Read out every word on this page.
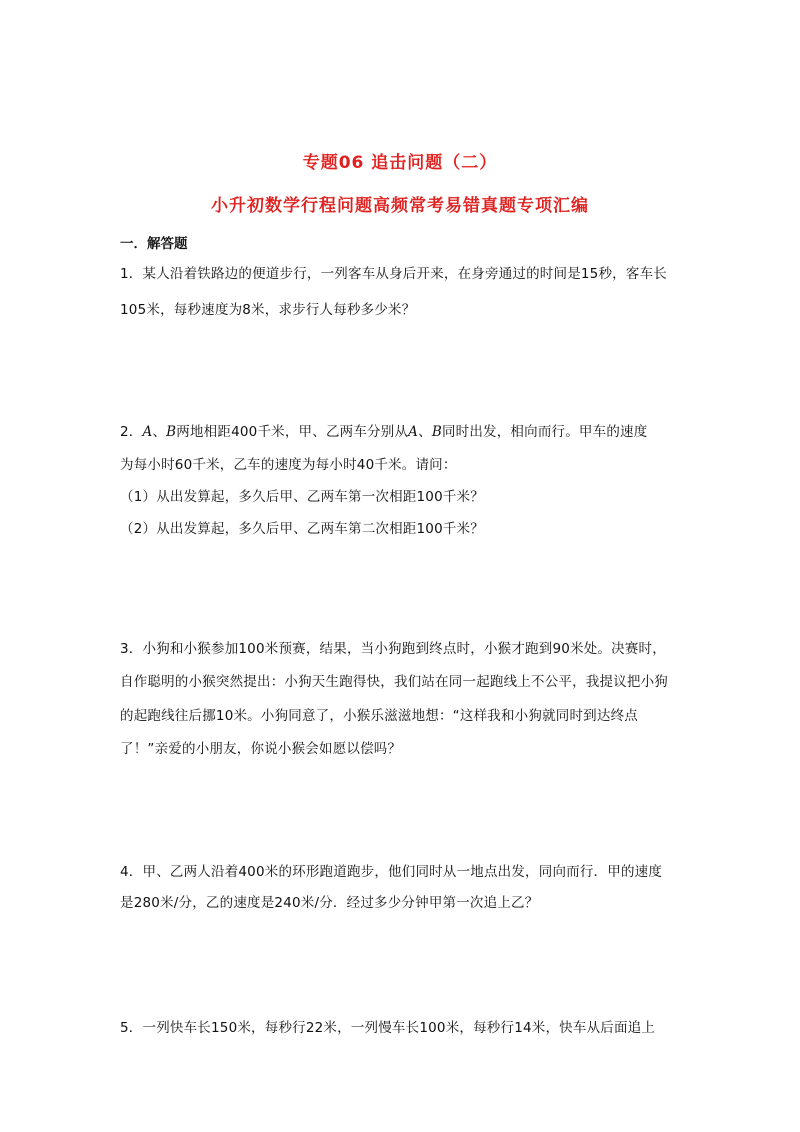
专题06 追击问题（二）
小升初数学行程问题高频常考易错真题专项汇编
一．解答题
1．某人沿着铁路边的便道步行，一列客车从身后开来，在身旁通过的时间是15秒，客车长
105米，每秒速度为8米，求步行人每秒多少米？
2．A、B两地相距400千米，甲、乙两车分别从A、B同时出发，相向而行。甲车的速度
为每小时60千米，乙车的速度为每小时40千米。请问：
（1）从出发算起，多久后甲、乙两车第一次相距100千米？
（2）从出发算起，多久后甲、乙两车第二次相距100千米？
3．小狗和小猴参加100米预赛，结果，当小狗跑到终点时，小猴才跑到90米处。决赛时，
自作聪明的小猴突然提出：小狗天生跑得快，我们站在同一起跑线上不公平，我提议把小狗
的起跑线往后挪10米。小狗同意了，小猴乐滋滋地想：“这样我和小狗就同时到达终点
了！”亲爱的小朋友，你说小猴会如愿以偿吗？
4．甲、乙两人沿着400米的环形跑道跑步，他们同时从一地点出发，同向而行．甲的速度
是280米/分，乙的速度是240米/分．经过多少分钟甲第一次追上乙？
5．一列快车长150米，每秒行22米，一列慢车长100米，每秒行14米，快车从后面追上
